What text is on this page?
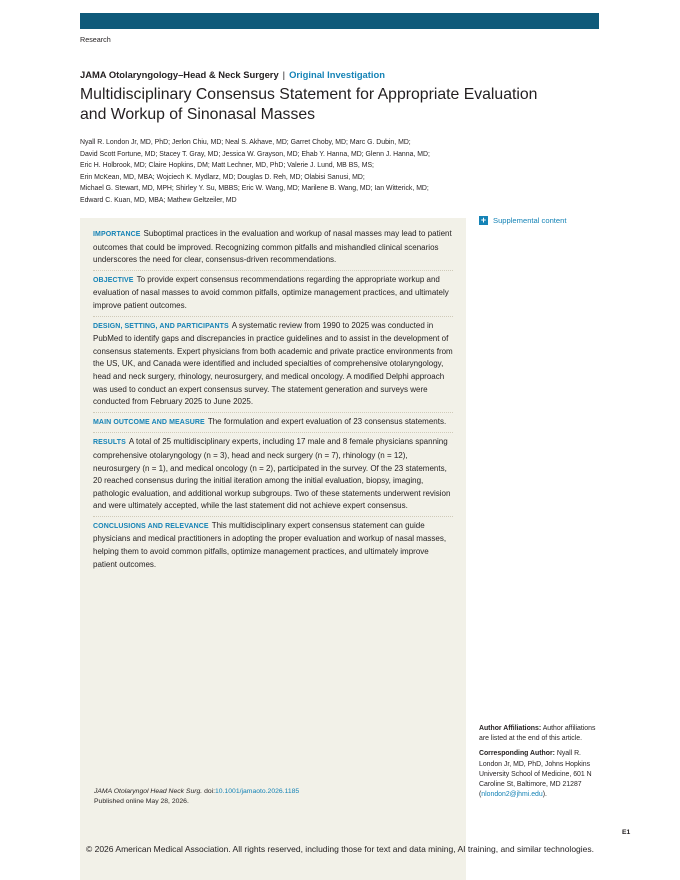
Research
JAMA Otolaryngology–Head & Neck Surgery | Original Investigation
Multidisciplinary Consensus Statement for Appropriate Evaluation
and Workup of Sinonasal Masses
Nyall R. London Jr, MD, PhD; Jerlon Chiu, MD; Neal S. Akhave, MD; Garret Choby, MD; Marc G. Dubin, MD;
David Scott Fortune, MD; Stacey T. Gray, MD; Jessica W. Grayson, MD; Ehab Y. Hanna, MD; Glenn J. Hanna, MD;
Eric H. Holbrook, MD; Claire Hopkins, DM; Matt Lechner, MD, PhD; Valerie J. Lund, MB BS, MS;
Erin McKean, MD, MBA; Wojciech K. Mydlarz, MD; Douglas D. Reh, MD; Olabisi Sanusi, MD;
Michael G. Stewart, MD, MPH; Shirley Y. Su, MBBS; Eric W. Wang, MD; Marilene B. Wang, MD; Ian Witterick, MD;
Edward C. Kuan, MD, MBA; Mathew Geltzeiler, MD

IMPORTANCE Suboptimal practices in the evaluation and workup of nasal masses may lead to patient outcomes that could be improved. Recognizing common pitfalls and mishandled clinical scenarios underscores the need for clear, consensus-driven recommendations.

OBJECTIVE To provide expert consensus recommendations regarding the appropriate workup and evaluation of nasal masses to avoid common pitfalls, optimize management practices, and ultimately improve patient outcomes.

DESIGN, SETTING, AND PARTICIPANTS A systematic review from 1990 to 2025 was conducted in PubMed to identify gaps and discrepancies in practice guidelines and to assist in the development of consensus statements. Expert physicians from both academic and private practice environments from the US, UK, and Canada were identified and included specialties of comprehensive otolaryngology, head and neck surgery, rhinology, neurosurgery, and medical oncology. A modified Delphi approach was used to conduct an expert consensus survey. The statement generation and surveys were conducted from February 2025 to June 2025.

MAIN OUTCOME AND MEASURE The formulation and expert evaluation of 23 consensus statements.

RESULTS A total of 25 multidisciplinary experts, including 17 male and 8 female physicians spanning comprehensive otolaryngology (n = 3), head and neck surgery (n = 7), rhinology (n = 12), neurosurgery (n = 1), and medical oncology (n = 2), participated in the survey. Of the 23 statements, 20 reached consensus during the initial iteration among the initial evaluation, biopsy, imaging, pathologic evaluation, and additional workup subgroups. Two of these statements underwent revision and were ultimately accepted, while the last statement did not achieve expert consensus.

CONCLUSIONS AND RELEVANCE This multidisciplinary expert consensus statement can guide physicians and medical practitioners in adopting the proper evaluation and workup of nasal masses, helping them to avoid common pitfalls, optimize management practices, and ultimately improve patient outcomes.

JAMA Otolaryngol Head Neck Surg. doi:10.1001/jamaoto.2026.1185
Published online May 28, 2026.
+ Supplemental content

Author Affiliations: Author affiliations are listed at the end of this article.

Corresponding Author: Nyall R. London Jr, MD, PhD, Johns Hopkins University School of Medicine, 601 N Caroline St, Baltimore, MD 21287 (nlondon2@jhmi.edu).

E1
© 2026 American Medical Association. All rights reserved, including those for text and data mining, AI training, and similar technologies.
